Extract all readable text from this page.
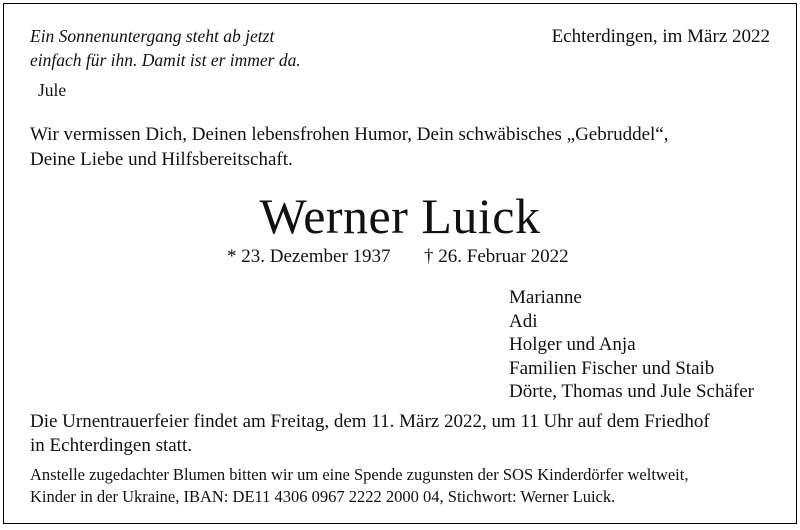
Ein Sonnenuntergang steht ab jetzt
einfach für ihn. Damit ist er immer da.
Jule
Echterdingen, im März 2022
Wir vermissen Dich, Deinen lebensfrohen Humor, Dein schwäbisches „Gebruddel“,
Deine Liebe und Hilfsbereitschaft.
Werner Luick
* 23. Dezember 1937 † 26. Februar 2022
Marianne
Adi
Holger und Anja
Familien Fischer und Staib
Dörte, Thomas und Jule Schäfer
Die Urnentrauerfeier findet am Freitag, dem 11. März 2022, um 11 Uhr auf dem Friedhof
in Echterdingen statt.
Anstelle zugedachter Blumen bitten wir um eine Spende zugunsten der SOS Kinderdörfer weltweit,
Kinder in der Ukraine, IBAN: DE11 4306 0967 2222 2000 04, Stichwort: Werner Luick.
